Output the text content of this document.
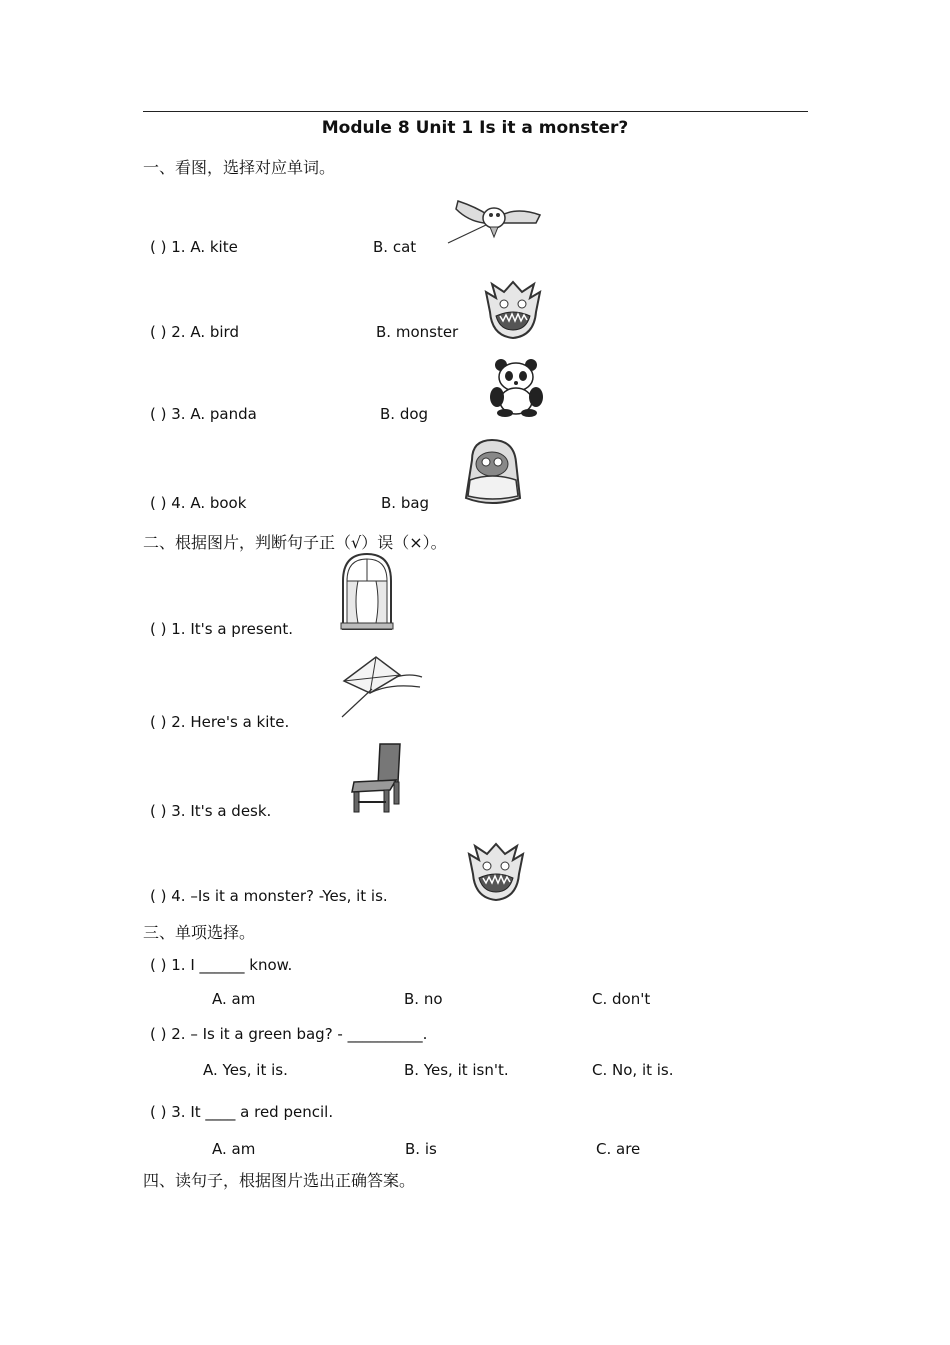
Module 8 Unit 1 Is it a monster?
一、看图，选择对应单词。
( ) 1. A. kite	B. cat
( ) 2. A. bird	B. monster
( ) 3. A. panda	B. dog
( ) 4. A. book	B. bag
二、根据图片，判断句子正（√）误（×）。
( ) 1. It's a present.
( ) 2. Here's a kite.
( ) 3. It's a desk.
( ) 4. –Is it a monster? -Yes, it is.
三、单项选择。
( ) 1. I ______ know.
A. am	B. no	C. don't
( ) 2. – Is it a green bag? - __________.
A. Yes, it is.	B. Yes, it isn't.	C. No, it is.
( ) 3. It ____ a red pencil.
A. am	B. is	C. are
四、读句子，根据图片选出正确答案。
